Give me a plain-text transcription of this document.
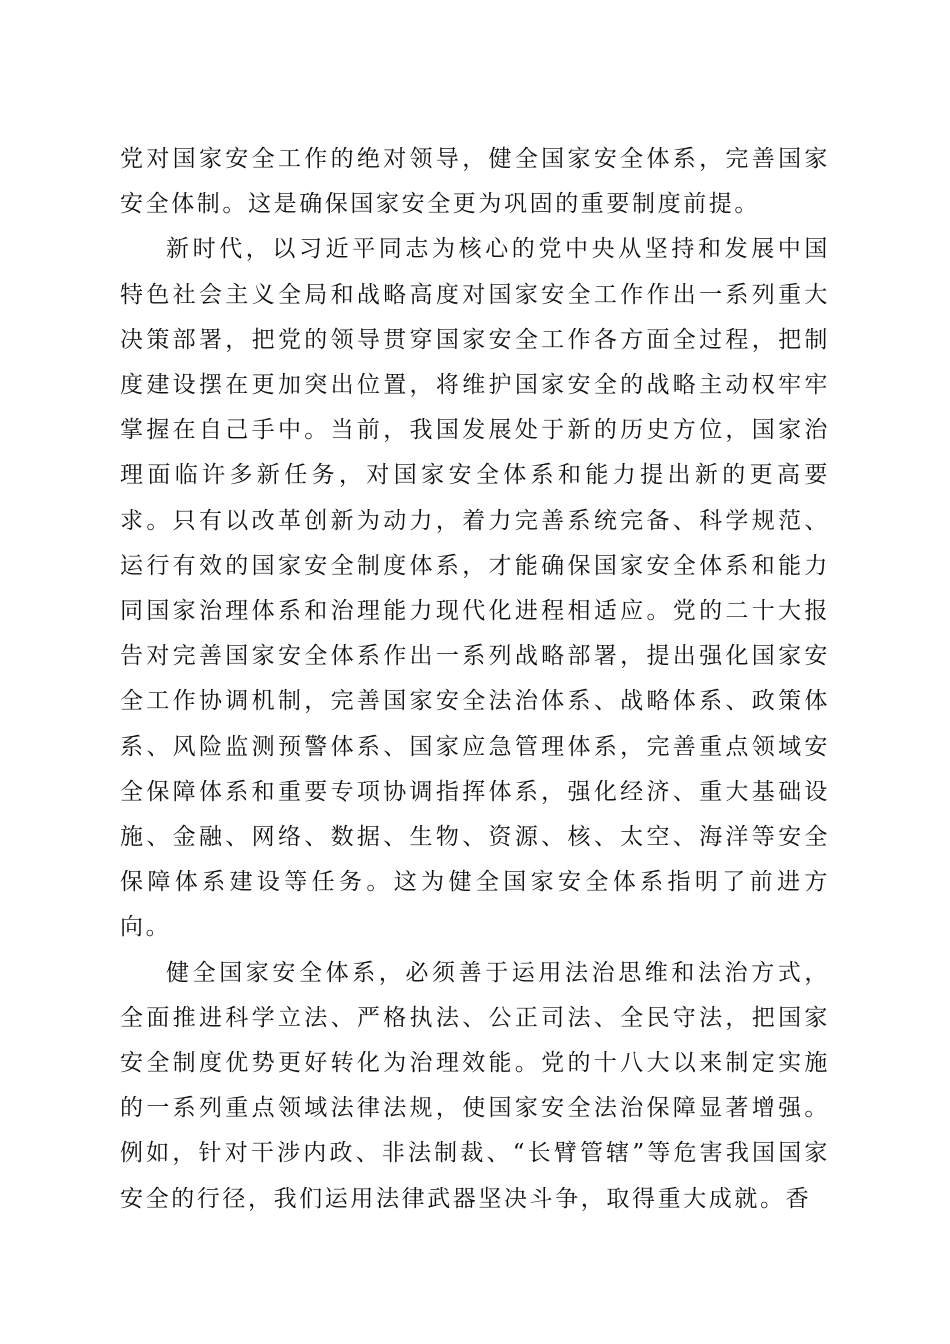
党对国家安全工作的绝对领导，健全国家安全体系，完善国家安全体制。这是确保国家安全更为巩固的重要制度前提。

新时代，以习近平同志为核心的党中央从坚持和发展中国特色社会主义全局和战略高度对国家安全工作作出一系列重大决策部署，把党的领导贯穿国家安全工作各方面全过程，把制度建设摆在更加突出位置，将维护国家安全的战略主动权牢牢掌握在自己手中。当前，我国发展处于新的历史方位，国家治理面临许多新任务，对国家安全体系和能力提出新的更高要求。只有以改革创新为动力，着力完善系统完备、科学规范、运行有效的国家安全制度体系，才能确保国家安全体系和能力同国家治理体系和治理能力现代化进程相适应。党的二十大报告对完善国家安全体系作出一系列战略部署，提出强化国家安全工作协调机制，完善国家安全法治体系、战略体系、政策体系、风险监测预警体系、国家应急管理体系，完善重点领域安全保障体系和重要专项协调指挥体系，强化经济、重大基础设施、金融、网络、数据、生物、资源、核、太空、海洋等安全保障体系建设等任务。这为健全国家安全体系指明了前进方向。

健全国家安全体系，必须善于运用法治思维和法治方式，全面推进科学立法、严格执法、公正司法、全民守法，把国家安全制度优势更好转化为治理效能。党的十八大以来制定实施的一系列重点领域法律法规，使国家安全法治保障显著增强。例如，针对干涉内政、非法制裁、“长臂管辖”等危害我国国家安全的行径，我们运用法律武器坚决斗争，取得重大成就。香
